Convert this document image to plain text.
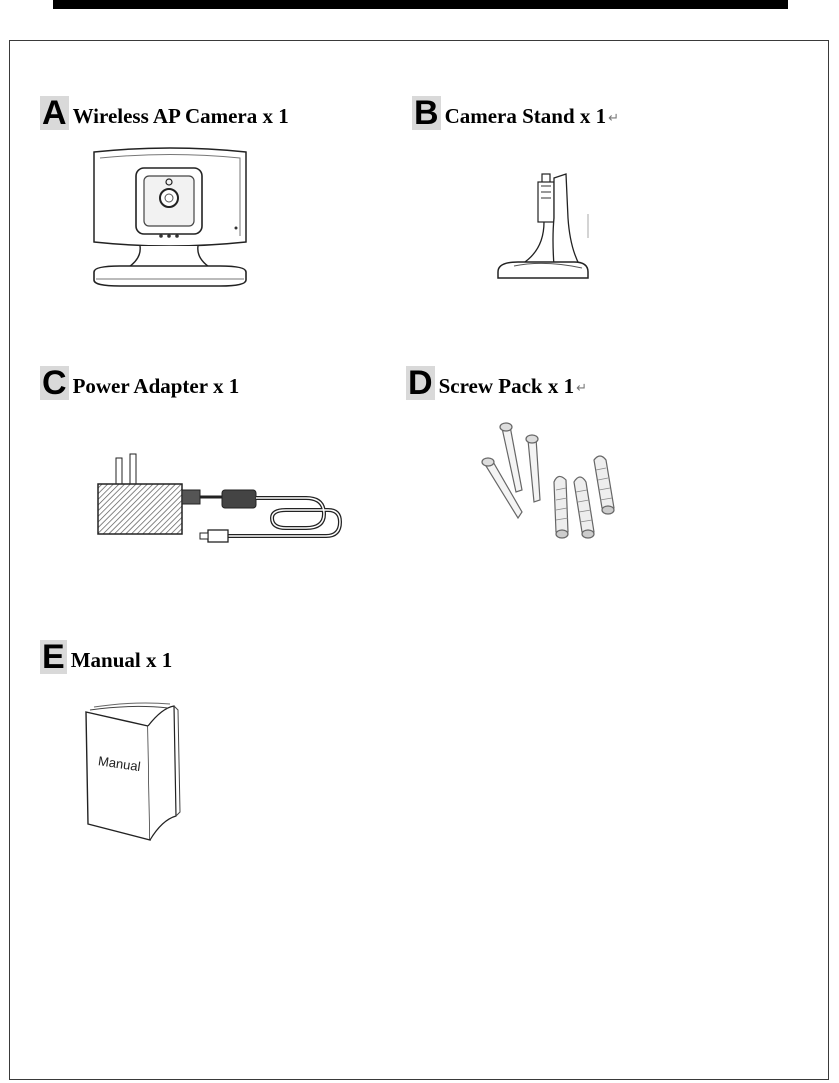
A Wireless AP Camera x 1	B Camera Stand x 1 ↵
C Power Adapter x 1	D Screw Pack x 1 ↵
E Manual x 1
Manual
